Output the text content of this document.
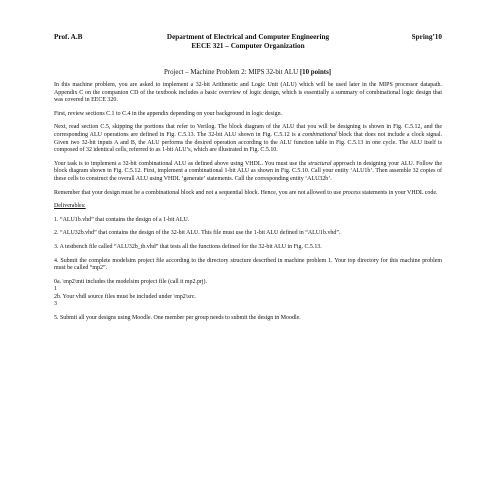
Prof. A.B	Department of Electrical and Computer Engineering
EECE 321 – Computer Organization
Spring’10
Project – Machine Problem 2: MIPS 32-bit ALU [10 points]

In this machine problem, you are asked to implement a 32-bit Arithmetic and Logic Unit (ALU) which will be used later in the MIPS processor datapath. Appendix C on the companion CD of the textbook includes a basic overview of logic design, which is essentially a summary of combinational logic design that was covered in EECE 320.

First, review sections C.1 to C.4 in the appendix depending on your background in logic design.

Next, read section C.5, skipping the portions that refer to Verilog. The block diagram of the ALU that you will be designing is shown in Fig. C.5.12, and the corresponding ALU operations are defined in Fig. C.5.13. The 32-bit ALU shown in Fig. C.5.12 is a combinational block that does not include a clock signal. Given two 32-bit inputs A and B, the ALU performs the desired operation according to the ALU function table in Fig. C.5.13 in one cycle. The ALU itself is composed of 32 identical cells, referred to as 1-bit ALU’s, which are illustrated in Fig. C.5.10.

Your task is to implement a 32-bit combinational ALU as defined above using VHDL. You must use the structural approach in designing your ALU. Follow the block diagram shown in Fig. C.5.12. First, implement a combinational 1-bit ALU as shown in Fig. C.5.10. Call your entity ‘ALU1b’. Then assemble 32 copies of these cells to construct the overall ALU using VHDL ‘generate’ statements. Call the corresponding entity ‘ALU32b’.

Remember that your design must be a combinational block and not a sequential block. Hence, you are not allowed to use process statements in your VHDL code.

Deliverables:

1. “ALU1b.vhd” that contains the design of a 1-bit ALU.

2. “ALU32b.vhd” that contains the design of the 32-bit ALU. This file must use the 1-bit ALU defined in “ALU1b.vhd”.

3. A testbench file called “ALU32b_tb.vhd” that tests all the functions defined for the 32-bit ALU in Fig. C.5.13.

4. Submit the complete modelsim project file according to the directory structure described in machine problem 1. Your top directory for this machine problem must be called “mp2”.

0a. \mp2\mti includes the modelsim project file (call it mp2.prj).

1

2b. Your vhdl source files must be included under \mp2\src.

3

5. Submit all your designs using Moodle. One member per group needs to submit the design in Moodle.
